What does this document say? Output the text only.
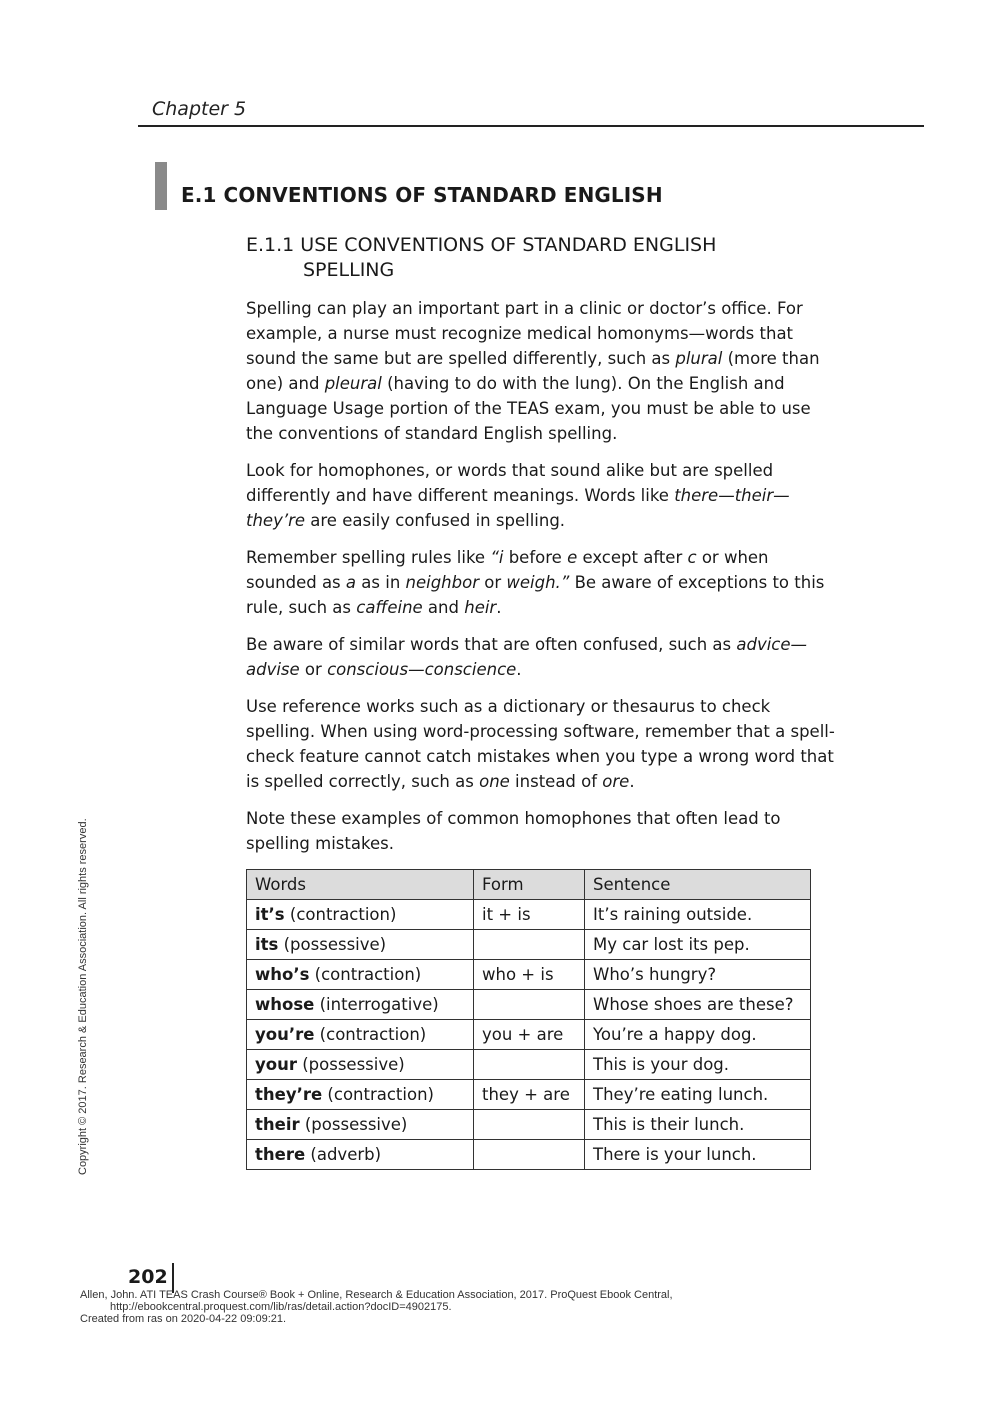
Chapter 5
E.1 CONVENTIONS OF STANDARD ENGLISH
E.1.1 USE CONVENTIONS OF STANDARD ENGLISH
SPELLING

Spelling can play an important part in a clinic or doctor’s office. For example, a nurse must recognize medical homonyms—words that sound the same but are spelled differently, such as plural (more than one) and pleural (having to do with the lung). On the English and Language Usage portion of the TEAS exam, you must be able to use the conventions of standard English spelling.

Look for homophones, or words that sound alike but are spelled differently and have different meanings. Words like there—their—they’re are easily confused in spelling.

Remember spelling rules like “i before e except after c or when sounded as a as in neighbor or weigh.” Be aware of exceptions to this rule, such as caffeine and heir.

Be aware of similar words that are often confused, such as advice—advise or conscious—conscience.

Use reference works such as a dictionary or thesaurus to check spelling. When using word-processing software, remember that a spell-check feature cannot catch mistakes when you type a wrong word that is spelled correctly, such as one instead of ore.

Note these examples of common homophones that often lead to spelling mistakes.

Words	Form	Sentence
it’s (contraction)	it + is	It’s raining outside.
its (possessive)		My car lost its pep.
who’s (contraction)	who + is	Who’s hungry?
whose (interrogative)		Whose shoes are these?
you’re (contraction)	you + are	You’re a happy dog.
your (possessive)		This is your dog.
they’re (contraction)	they + are	They’re eating lunch.
their (possessive)		This is their lunch.
there (adverb)		There is your lunch.
Copyright © 2017. Research & Education Association. All rights reserved.
202
Allen, John. ATI TEAS Crash Course® Book + Online, Research & Education Association, 2017. ProQuest Ebook Central,

http://ebookcentral.proquest.com/lib/ras/detail.action?docID=4902175.
Created from ras on 2020-04-22 09:09:21.
